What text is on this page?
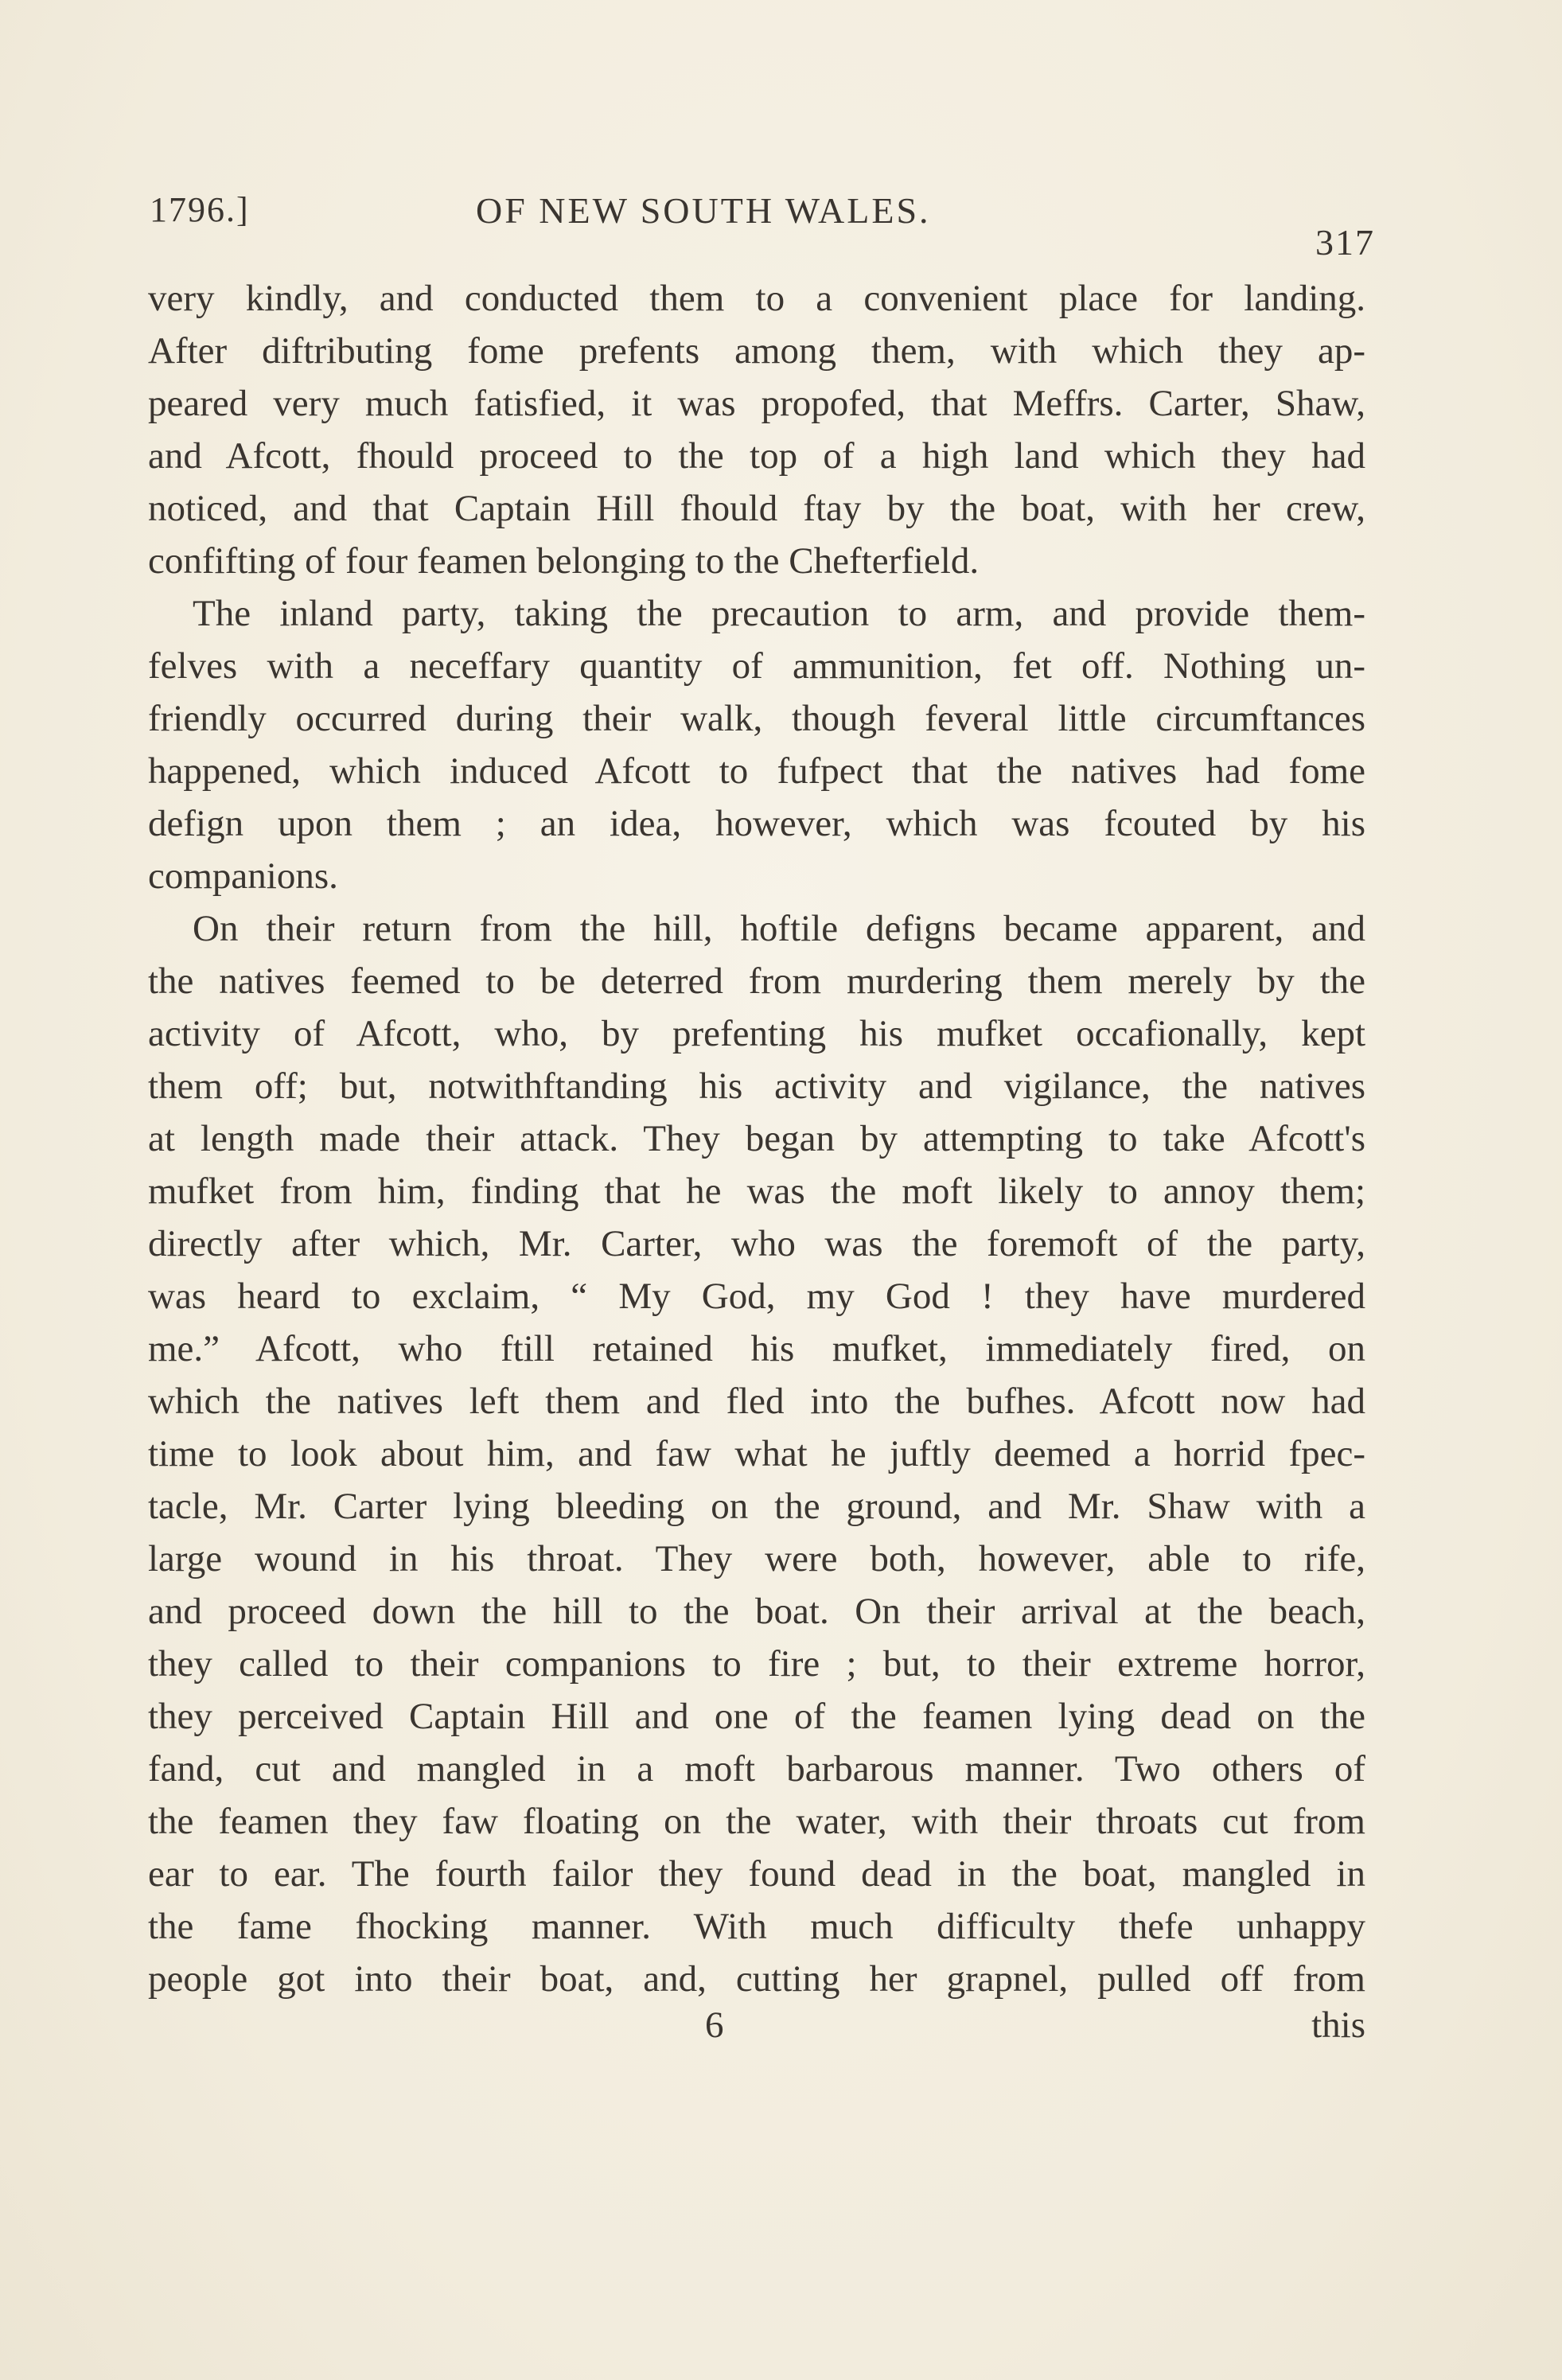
1796.]	OF NEW SOUTH WALES.
317
very kindly, and conducted them to a convenient place for landing.
After diftributing fome prefents among them, with which they ap-
peared very much fatisfied, it was propofed, that Meffrs. Carter, Shaw,
and Afcott, fhould proceed to the top of a high land which they had
noticed, and that Captain Hill fhould ftay by the boat, with her crew,
confifting of four feamen belonging to the Chefterfield.
The inland party, taking the precaution to arm, and provide them-
felves with a neceffary quantity of ammunition, fet off. Nothing un-
friendly occurred during their walk, though feveral little circumftances
happened, which induced Afcott to fufpect that the natives had fome
defign upon them ; an idea, however, which was fcouted by his
companions.
On their return from the hill, hoftile defigns became apparent, and
the natives feemed to be deterred from murdering them merely by the
activity of Afcott, who, by prefenting his mufket occafionally, kept
them off; but, notwithftanding his activity and vigilance, the natives
at length made their attack. They began by attempting to take Afcott's
mufket from him, finding that he was the moft likely to annoy them;
directly after which, Mr. Carter, who was the foremoft of the party,
was heard to exclaim, “ My God, my God ! they have murdered
me.” Afcott, who ftill retained his mufket, immediately fired, on
which the natives left them and fled into the bufhes. Afcott now had
time to look about him, and faw what he juftly deemed a horrid fpec-
tacle, Mr. Carter lying bleeding on the ground, and Mr. Shaw with a
large wound in his throat. They were both, however, able to rife,
and proceed down the hill to the boat. On their arrival at the beach,
they called to their companions to fire ; but, to their extreme horror,
they perceived Captain Hill and one of the feamen lying dead on the
fand, cut and mangled in a moft barbarous manner. Two others of
the feamen they faw floating on the water, with their throats cut from
ear to ear. The fourth failor they found dead in the boat, mangled in
the fame fhocking manner. With much difficulty thefe unhappy
people got into their boat, and, cutting her grapnel, pulled off from
6	this
